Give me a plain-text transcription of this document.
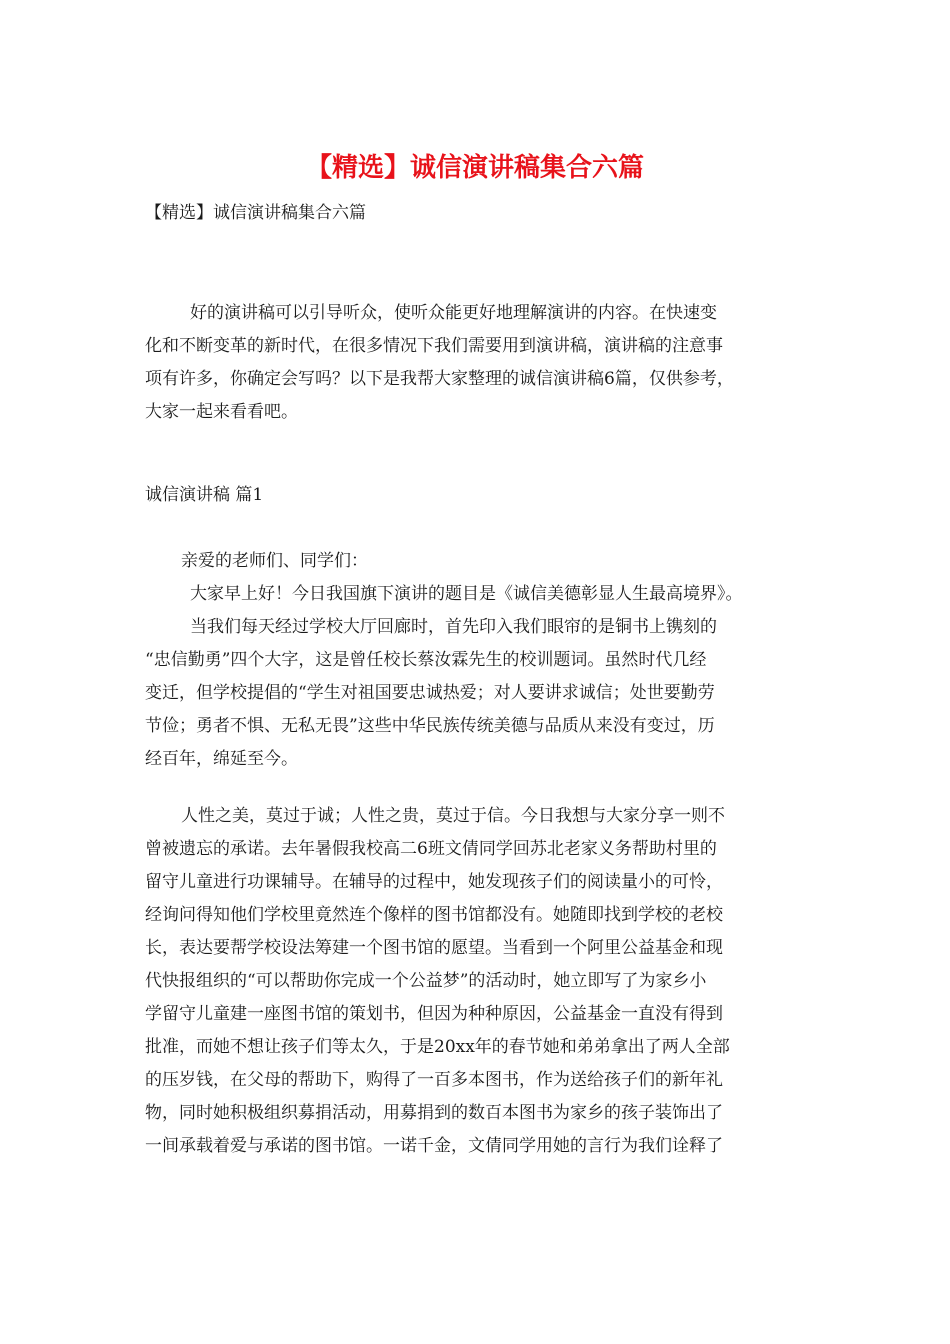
【精选】诚信演讲稿集合六篇
【精选】诚信演讲稿集合六篇
好的演讲稿可以引导听众，使听众能更好地理解演讲的内容。在快速变
化和不断变革的新时代，在很多情况下我们需要用到演讲稿，演讲稿的注意事
项有许多，你确定会写吗？以下是我帮大家整理的诚信演讲稿6篇，仅供参考，
大家一起来看看吧。
诚信演讲稿 篇1
亲爱的老师们、同学们：
大家早上好！今日我国旗下演讲的题目是《诚信美德彰显人生最高境界》。
当我们每天经过学校大厅回廊时，首先印入我们眼帘的是铜书上镌刻的
“忠信勤勇”四个大字，这是曾任校长蔡汝霖先生的校训题词。虽然时代几经
变迁，但学校提倡的“学生对祖国要忠诚热爱；对人要讲求诚信；处世要勤劳
节俭；勇者不惧、无私无畏”这些中华民族传统美德与品质从来没有变过，历
经百年，绵延至今。
人性之美，莫过于诚；人性之贵，莫过于信。今日我想与大家分享一则不
曾被遗忘的承诺。去年暑假我校高二6班文倩同学回苏北老家义务帮助村里的
留守儿童进行功课辅导。在辅导的过程中，她发现孩子们的阅读量小的可怜，
经询问得知他们学校里竟然连个像样的图书馆都没有。她随即找到学校的老校
长，表达要帮学校设法筹建一个图书馆的愿望。当看到一个阿里公益基金和现
代快报组织的“可以帮助你完成一个公益梦”的活动时，她立即写了为家乡小
学留守儿童建一座图书馆的策划书，但因为种种原因，公益基金一直没有得到
批准，而她不想让孩子们等太久，于是20xx年的春节她和弟弟拿出了两人全部
的压岁钱，在父母的帮助下，购得了一百多本图书，作为送给孩子们的新年礼
物，同时她积极组织募捐活动，用募捐到的数百本图书为家乡的孩子装饰出了
一间承载着爱与承诺的图书馆。一诺千金，文倩同学用她的言行为我们诠释了
